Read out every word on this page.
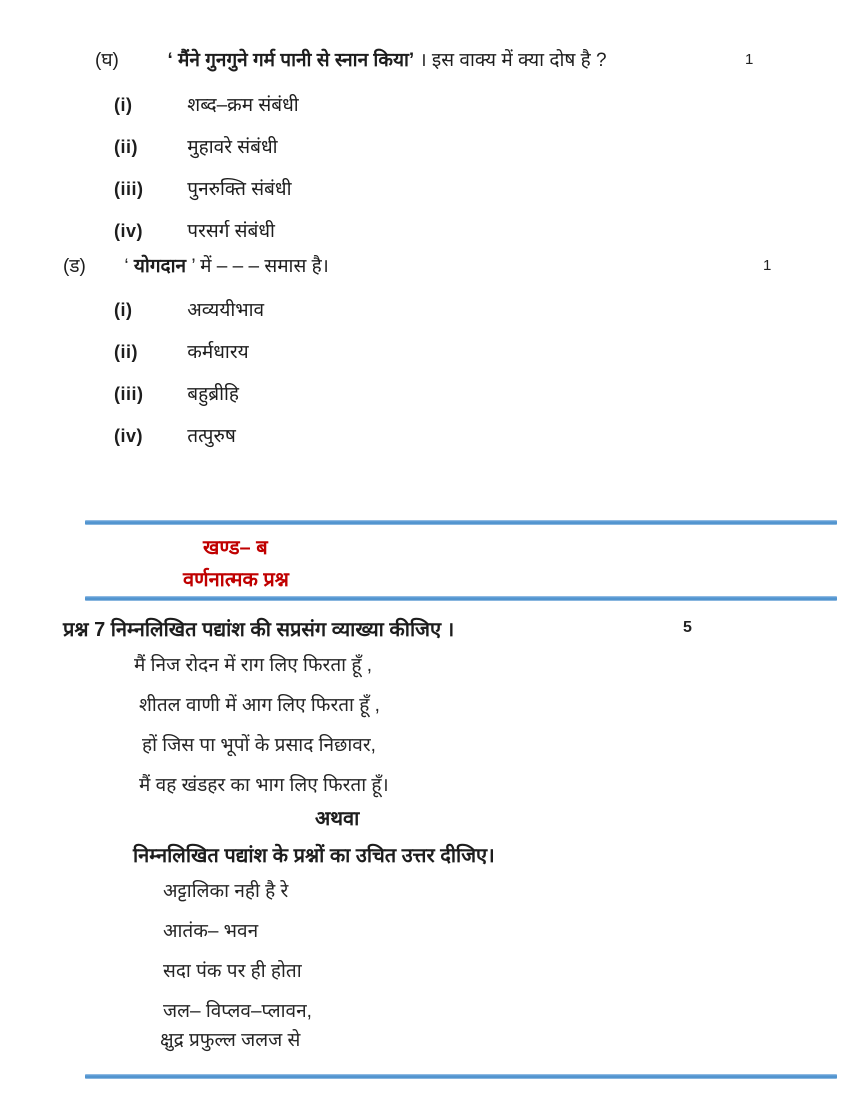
(घ)	‘ मैंने गुनगुने गर्म पानी से स्नान किया’ । इस वाक्य में क्या दोष है ?	1
(i)	शब्द–क्रम संबंधी
(ii)	मुहावरे संबंधी
(iii) पुनरुक्ति संबंधी
(iv) परसर्ग संबंधी
(ड) ‘ योगदान ’ में – – – समास है।	1
(i)	अव्ययीभाव
(ii)	कर्मधारय
(iii) बहुब्रीहि
(iv) तत्पुरुष
खण्ड– ब
वर्णनात्मक प्रश्न
प्रश्न 7 निम्नलिखित पद्यांश की सप्रसंग व्याख्या कीजिए ।	5
मैं निज रोदन में राग लिए फिरता हूँ ,
शीतल वाणी में आग लिए फिरता हूँ ,
हों जिस पा भूपों के प्रसाद निछावर,
मैं वह खंडहर का भाग लिए फिरता हूँ।
अथवा
निम्नलिखित पद्यांश के प्रश्नों का उचित उत्तर दीजिए।
अट्टालिका नही है रे
आतंक– भवन
सदा पंक पर ही होता
जल– विप्लव–प्लावन,
क्षुद्र प्रफुल्ल जलज से
